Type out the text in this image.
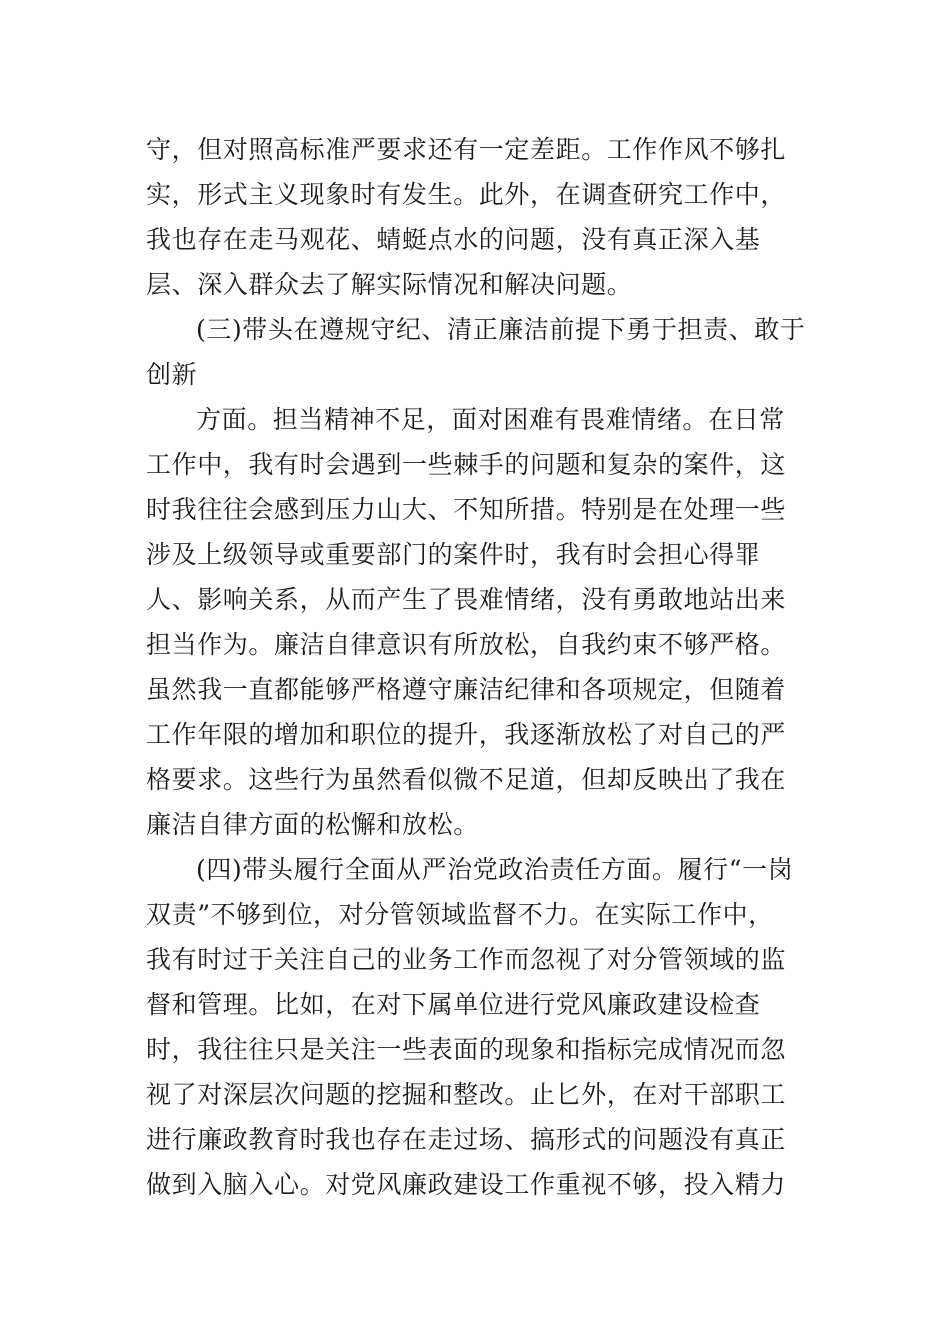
守，但对照高标准严要求还有一定差距。工作作风不够扎
实，形式主义现象时有发生。此外，在调查研究工作中，
我也存在走马观花、蜻蜓点水的问题，没有真正深入基
层、深入群众去了解实际情况和解决问题。
(三)带头在遵规守纪、清正廉洁前提下勇于担责、敢于
创新
方面。担当精神不足，面对困难有畏难情绪。在日常
工作中，我有时会遇到一些棘手的问题和复杂的案件，这
时我往往会感到压力山大、不知所措。特别是在处理一些
涉及上级领导或重要部门的案件时，我有时会担心得罪
人、影响关系，从而产生了畏难情绪，没有勇敢地站出来
担当作为。廉洁自律意识有所放松，自我约束不够严格。
虽然我一直都能够严格遵守廉洁纪律和各项规定，但随着
工作年限的增加和职位的提升，我逐渐放松了对自己的严
格要求。这些行为虽然看似微不足道，但却反映出了我在
廉洁自律方面的松懈和放松。
(四)带头履行全面从严治党政治责任方面。履行“一岗
双责”不够到位，对分管领域监督不力。在实际工作中，
我有时过于关注自己的业务工作而忽视了对分管领域的监
督和管理。比如，在对下属单位进行党风廉政建设检查
时，我往往只是关注一些表面的现象和指标完成情况而忽
视了对深层次问题的挖掘和整改。止匕外，在对干部职工
进行廉政教育时我也存在走过场、搞形式的问题没有真正
做到入脑入心。对党风廉政建设工作重视不够，投入精力
